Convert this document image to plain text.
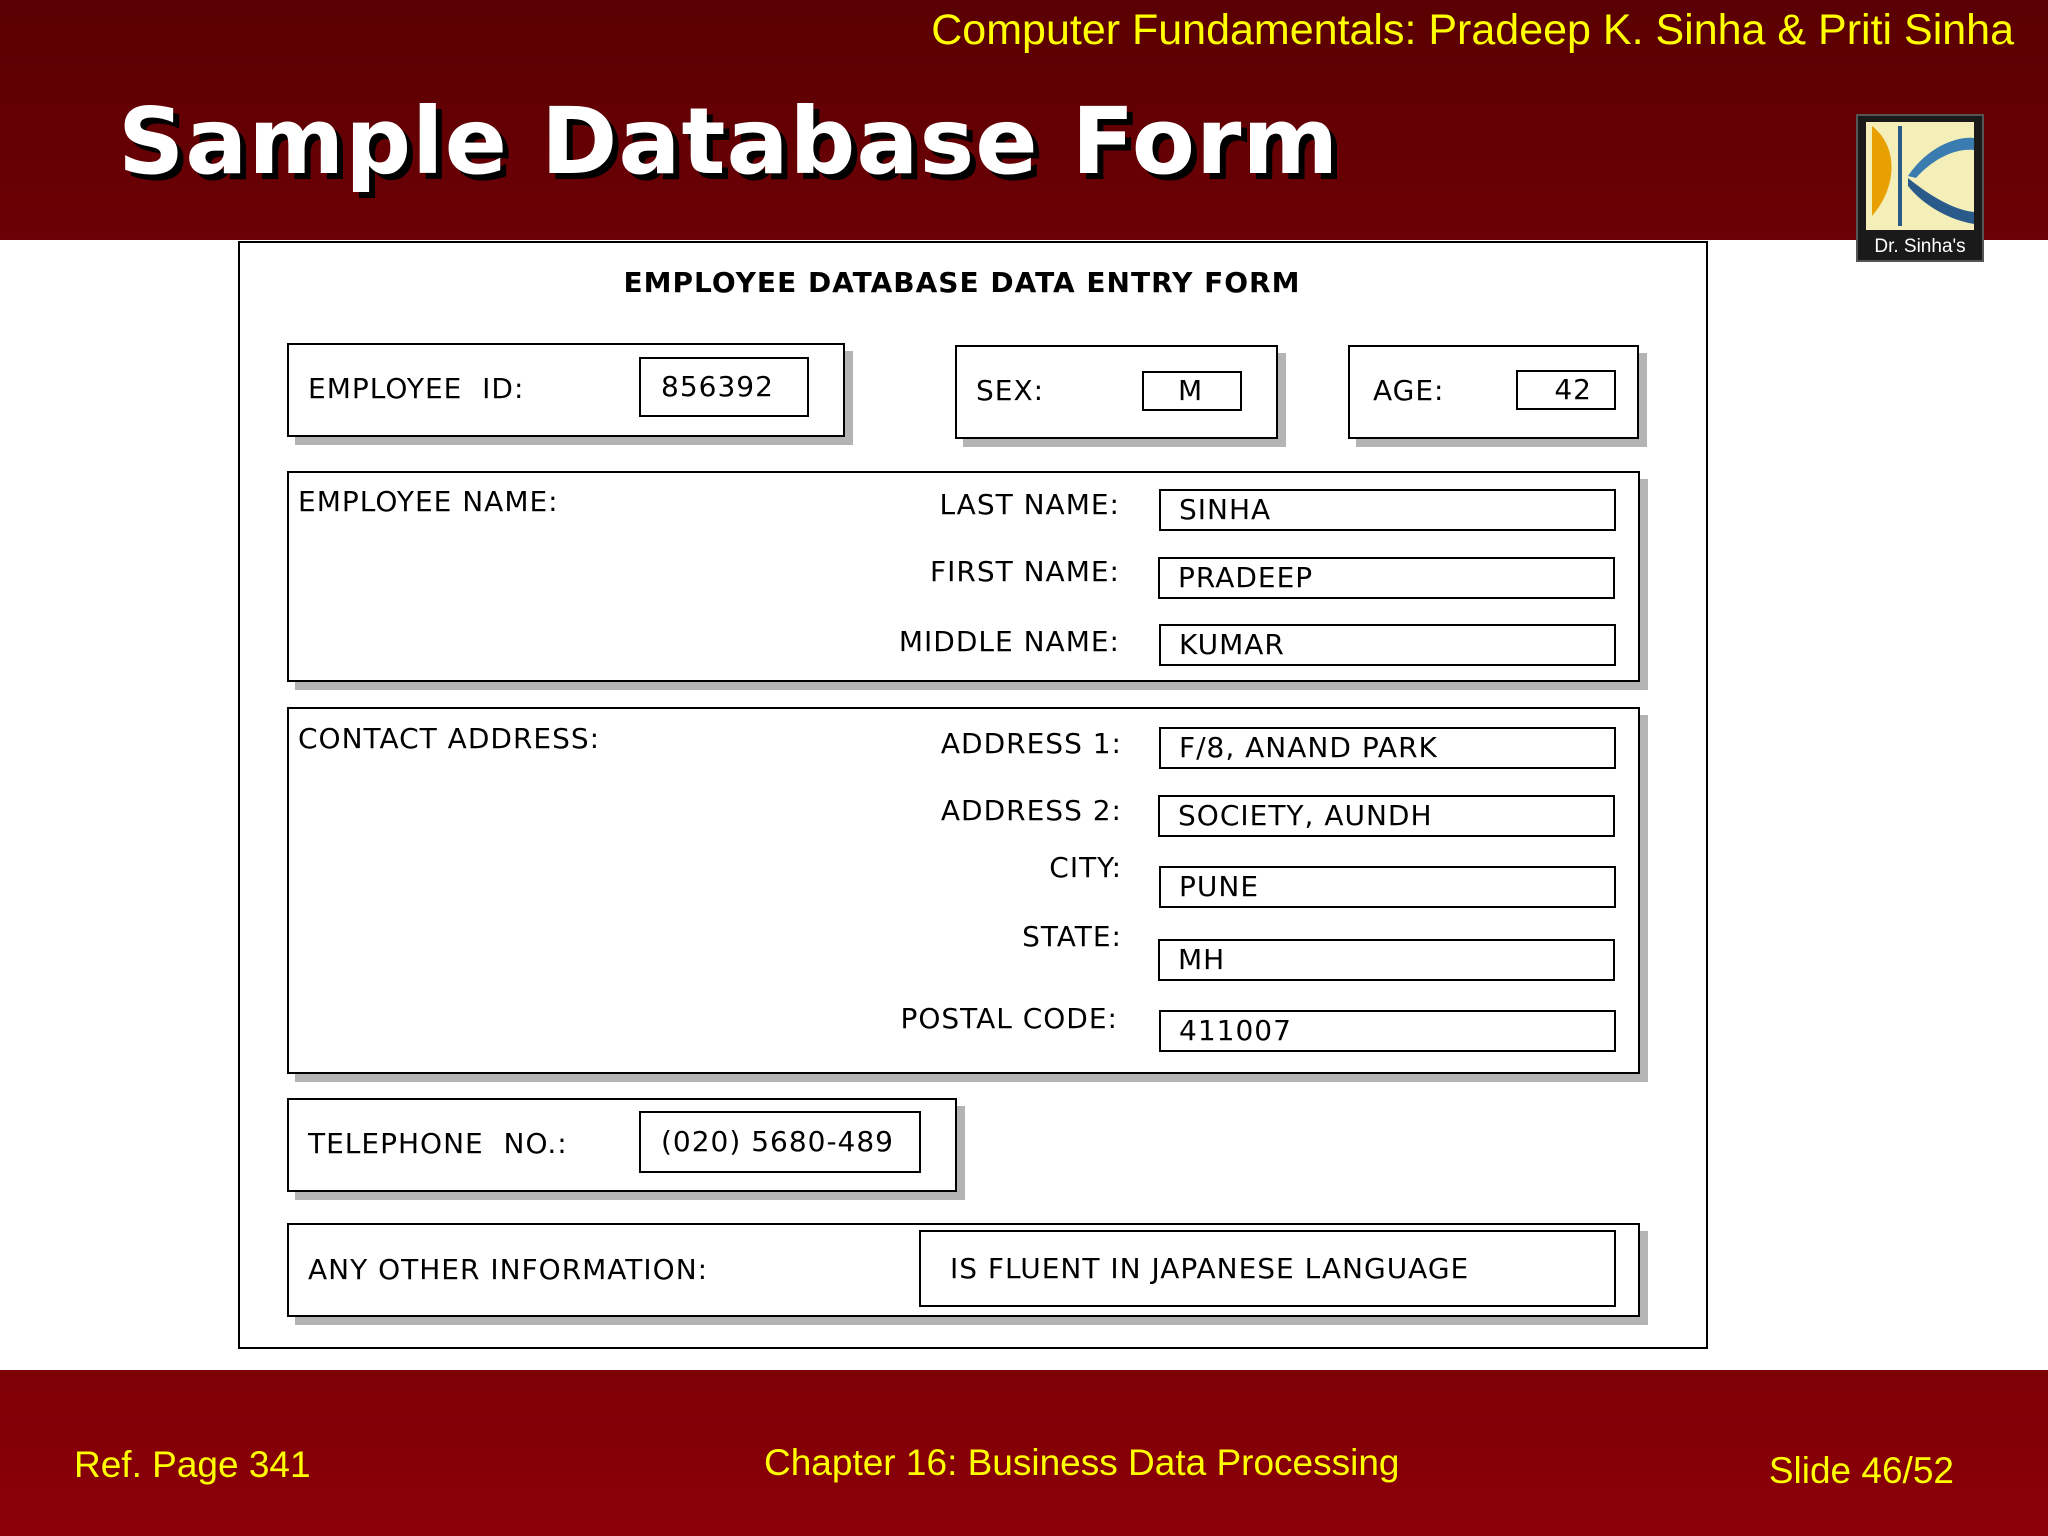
Computer Fundamentals: Pradeep K. Sinha & Priti Sinha
Sample Database Form
Dr. Sinha's
EMPLOYEE DATABASE DATA ENTRY FORM
EMPLOYEE  ID:	856392	SEX:	M	AGE:	42
EMPLOYEE NAME:	LAST NAME:	SINHA
FIRST NAME:	PRADEEP
MIDDLE NAME:	KUMAR
CONTACT ADDRESS:	ADDRESS 1:	F/8, ANAND PARK
ADDRESS 2:	SOCIETY, AUNDH
CITY:
PUNE
STATE:
MH
POSTAL CODE:	411007
TELEPHONE  NO.:	(020) 5680-489
ANY OTHER INFORMATION:	IS FLUENT IN JAPANESE LANGUAGE
Ref. Page 341	Chapter 16: Business Data Processing	Slide 46/52
